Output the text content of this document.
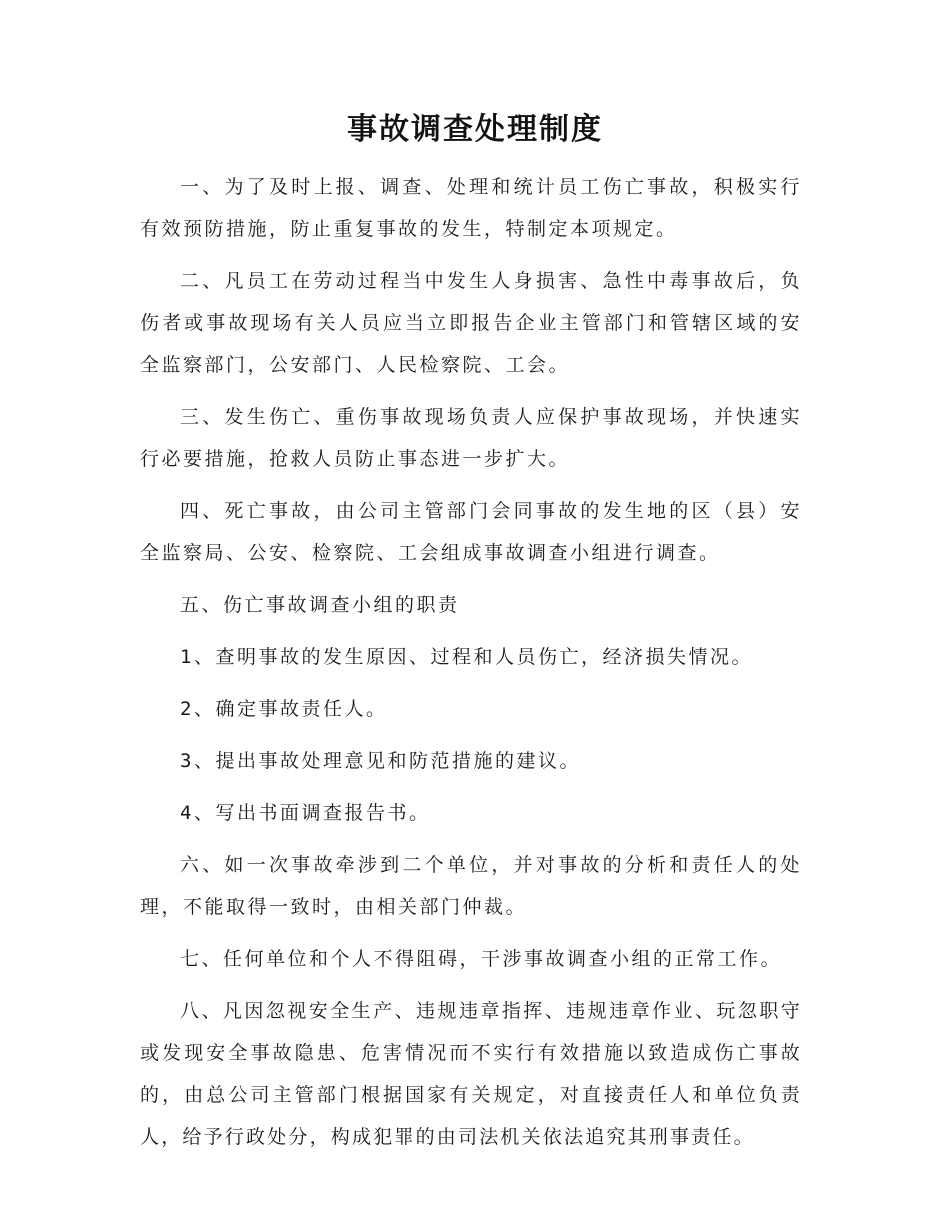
事故调查处理制度

一、为了及时上报、调查、处理和统计员工伤亡事故，积极实行有效预防措施，防止重复事故的发生，特制定本项规定。

二、凡员工在劳动过程当中发生人身损害、急性中毒事故后，负伤者或事故现场有关人员应当立即报告企业主管部门和管辖区域的安全监察部门，公安部门、人民检察院、工会。

三、发生伤亡、重伤事故现场负责人应保护事故现场，并快速实行必要措施，抢救人员防止事态进一步扩大。

四、死亡事故，由公司主管部门会同事故的发生地的区（县）安全监察局、公安、检察院、工会组成事故调查小组进行调查。

五、伤亡事故调查小组的职责

1、查明事故的发生原因、过程和人员伤亡，经济损失情况。

2、确定事故责任人。

3、提出事故处理意见和防范措施的建议。

4、写出书面调查报告书。

六、如一次事故牵涉到二个单位，并对事故的分析和责任人的处理，不能取得一致时，由相关部门仲裁。

七、任何单位和个人不得阻碍，干涉事故调查小组的正常工作。

八、凡因忽视安全生产、违规违章指挥、违规违章作业、玩忽职守或发现安全事故隐患、危害情况而不实行有效措施以致造成伤亡事故的，由总公司主管部门根据国家有关规定，对直接责任人和单位负责人，给予行政处分，构成犯罪的由司法机关依法追究其刑事责任。
